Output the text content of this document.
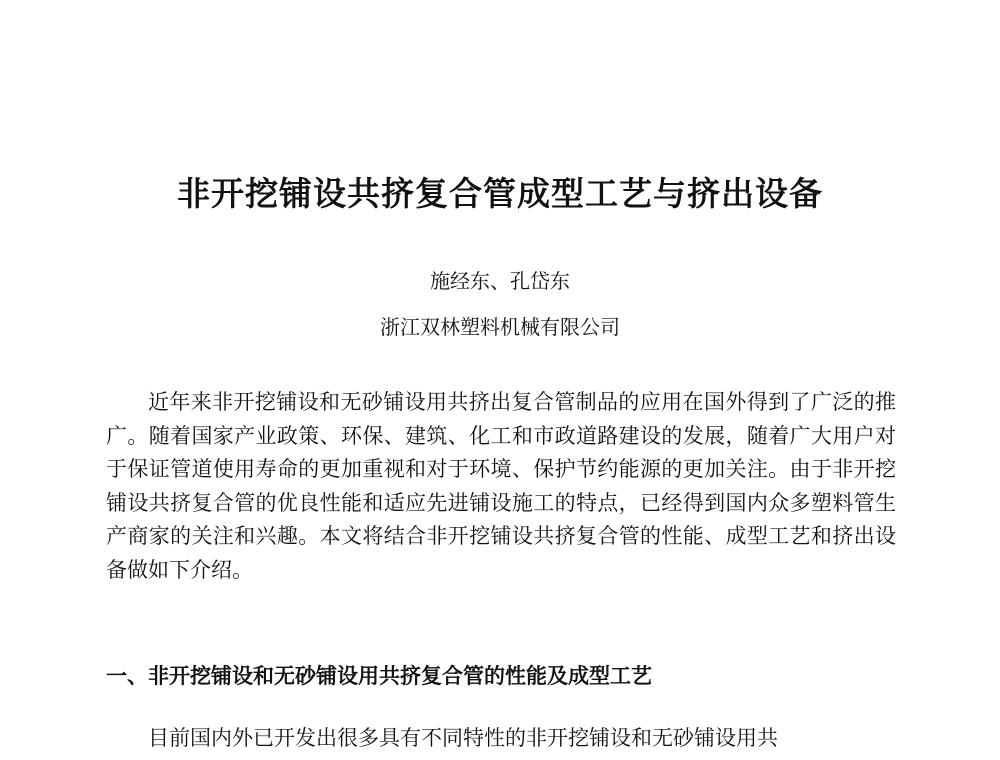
非开挖铺设共挤复合管成型工艺与挤出设备

施经东、孔岱东

浙江双林塑料机械有限公司

近年来非开挖铺设和无砂铺设用共挤出复合管制品的应用在国外得到了广泛的推广。随着国家产业政策、环保、建筑、化工和市政道路建设的发展，随着广大用户对于保证管道使用寿命的更加重视和对于环境、保护节约能源的更加关注。由于非开挖铺设共挤复合管的优良性能和适应先进铺设施工的特点，已经得到国内众多塑料管生产商家的关注和兴趣。本文将结合非开挖铺设共挤复合管的性能、成型工艺和挤出设备做如下介绍。

一、非开挖铺设和无砂铺设用共挤复合管的性能及成型工艺

目前国内外已开发出很多具有不同特性的非开挖铺设和无砂铺设用共
